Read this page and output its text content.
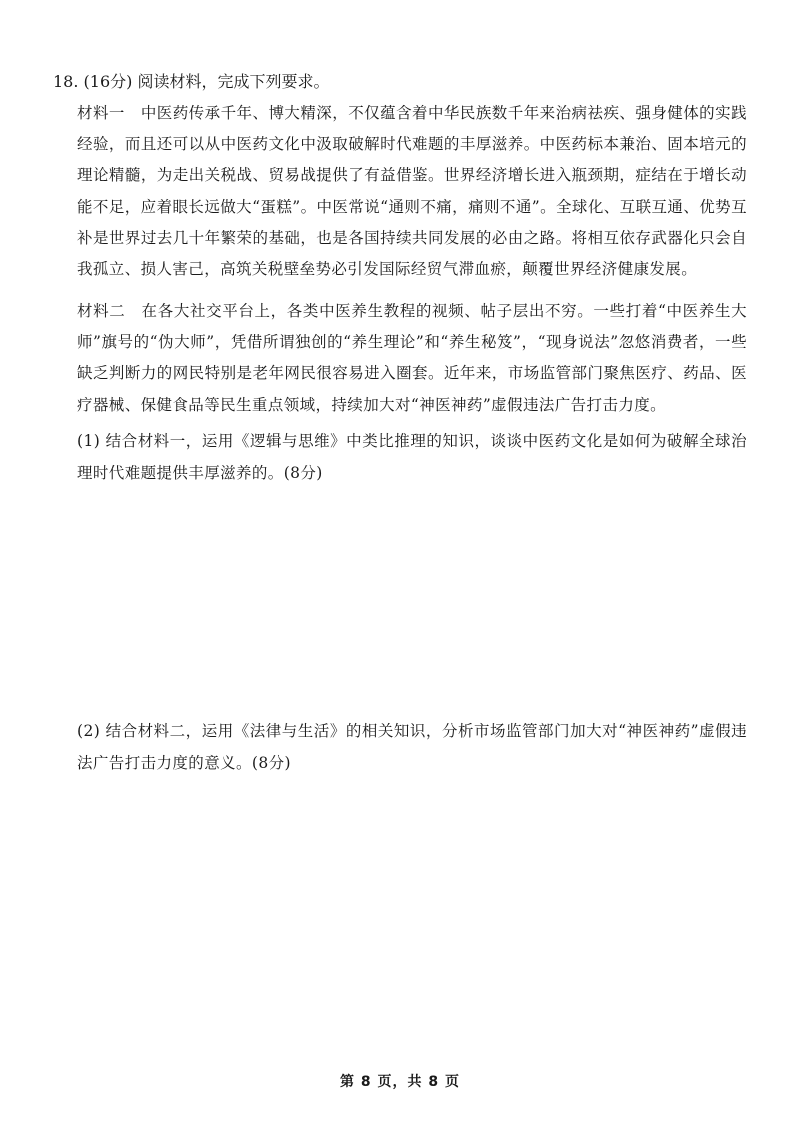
18. (16分) 阅读材料，完成下列要求。
材料一　中医药传承千年、博大精深，不仅蕴含着中华民族数千年来治病祛疾、强身健体的实践经验，而且还可以从中医药文化中汲取破解时代难题的丰厚滋养。中医药标本兼治、固本培元的理论精髓，为走出关税战、贸易战提供了有益借鉴。世界经济增长进入瓶颈期，症结在于增长动能不足，应着眼长远做大“蛋糕”。中医常说“通则不痛，痛则不通”。全球化、互联互通、优势互补是世界过去几十年繁荣的基础，也是各国持续共同发展的必由之路。将相互依存武器化只会自我孤立、损人害己，高筑关税壁垒势必引发国际经贸气滞血瘀，颠覆世界经济健康发展。
材料二　在各大社交平台上，各类中医养生教程的视频、帖子层出不穷。一些打着“中医养生大师”旗号的“伪大师”，凭借所谓独创的“养生理论”和“养生秘笈”，“现身说法”忽悠消费者，一些缺乏判断力的网民特别是老年网民很容易进入圈套。近年来，市场监管部门聚焦医疗、药品、医疗器械、保健食品等民生重点领域，持续加大对“神医神药”虚假违法广告打击力度。
(1) 结合材料一，运用《逻辑与思维》中类比推理的知识，谈谈中医药文化是如何为破解全球治理时代难题提供丰厚滋养的。(8分)
(2) 结合材料二，运用《法律与生活》的相关知识，分析市场监管部门加大对“神医神药”虚假违法广告打击力度的意义。(8分)
第 8 页，共 8 页
